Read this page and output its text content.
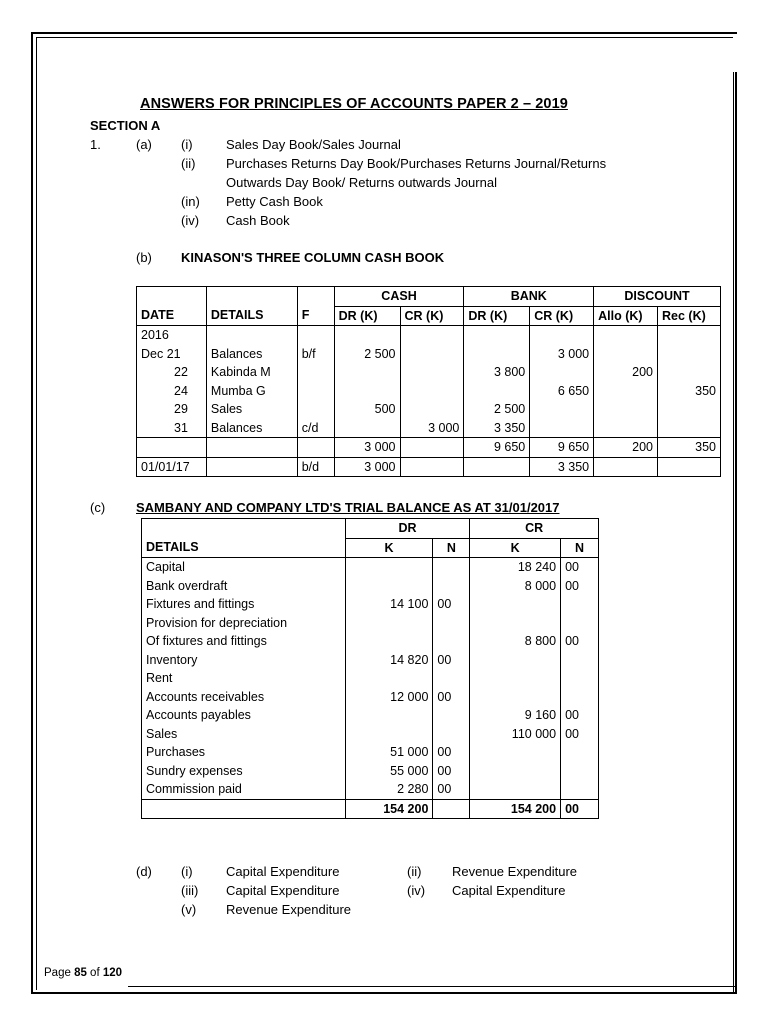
ANSWERS FOR PRINCIPLES OF ACCOUNTS PAPER 2 – 2019
SECTION A
1.	(a) (i)	Sales Day Book/Sales Journal
(ii) Purchases Returns Day Book/Purchases Returns Journal/Returns
Outwards Day Book/ Returns outwards Journal
(in) Petty Cash Book
(iv) Cash Book
(b) KINASON'S THREE COLUMN CASH BOOK
			CASH		BANK		DISCOUNT	
DATE	DETAILS	F	DR (K)	CR (K)	DR (K)	CR (K)	Allo (K)	Rec (K)
2016								
Dec 21	Balances	b/f	2 500			3 000		
22	Kabinda M				3 800		200	
24	Mumba G					6 650		350
29	Sales		500		2 500			
31	Balances	c/d		3 000	3 350			
			3 000		9 650	9 650	200	350
01/01/17		b/d	3 000			3 350		
(c) SAMBANY AND COMPANY LTD'S TRIAL BALANCE AS AT 31/01/2017
	DR		CR	
DETAILS	K	N	K	N
Capital			18 240	00
Bank overdraft			8 000	00
Fixtures and fittings	14 100	00		
Provision for depreciation				
Of fixtures and fittings			8 800	00
Inventory	14 820	00		
Rent				
Accounts receivables	12 000	00		
Accounts payables			9 160	00
Sales			110 000	00
Purchases	51 000	00		
Sundry expenses	55 000	00		
Commission paid	2 280	00		
	154 200		154 200	00
(d) (i)	Capital Expenditure	(ii) Revenue Expenditure
(iii) Capital Expenditure	(iv) Capital Expenditure
(v) Revenue Expenditure
Page 85 of 120
